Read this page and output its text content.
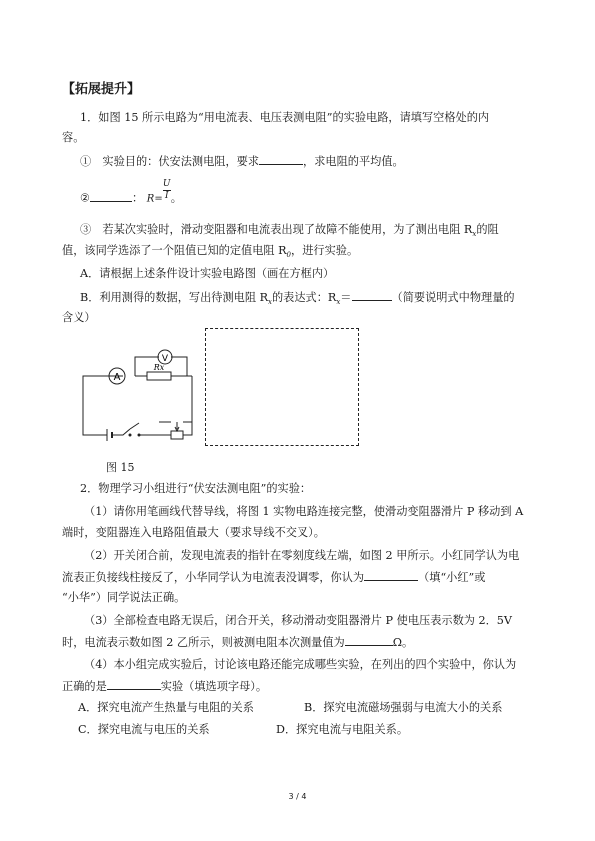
【拓展提升】
1．如图 15 所示电路为“用电流表、电压表测电阻”的实验电路，请填写空格处的内
容。
①　实验目的：伏安法测电阻，要求	，求电阻的平均值。
②	： $R= \frac{U}{I}$ 。
③　若某次实验时，滑动变阻器和电流表出现了故障不能使用，为了测出电阻 $R_x$的阻
值，该同学选添了一个阻值已知的定值电阻 $R_0$，进行实验。
A．请根据上述条件设计实验电路图（画在方框内）
B．利用测得的数据，写出待测电阻 $R_x$的表达式：$R_x=$	（简要说明式中物理量的
含义）
A
V
Rx
图 15
2．物理学习小组进行“伏安法测电阻”的实验：
（1）请你用笔画线代替导线，将图 1 实物电路连接完整，使滑动变阻器滑片 P 移动到 A
端时，变阻器连入电路阻值最大（要求导线不交叉）。
（2）开关闭合前，发现电流表的指针在零刻度线左端，如图 2 甲所示。小红同学认为电
流表正负接线柱接反了，小华同学认为电流表没调零，你认为	（填“小红”或
“小华”）同学说法正确。
（3）全部检查电路无误后，闭合开关，移动滑动变阻器滑片 P 使电压表示数为 2．5V
时，电流表示数如图 2 乙所示，则被测电阻本次测量值为	Ω。
（4）本小组完成实验后，讨论该电路还能完成哪些实验，在列出的四个实验中，你认为
正确的是	实验（填选项字母）。
A．探究电流产生热量与电阻的关系	B．探究电流磁场强弱与电流大小的关系
C．探究电流与电压的关系	D．探究电流与电阻关系。
3 / 4
